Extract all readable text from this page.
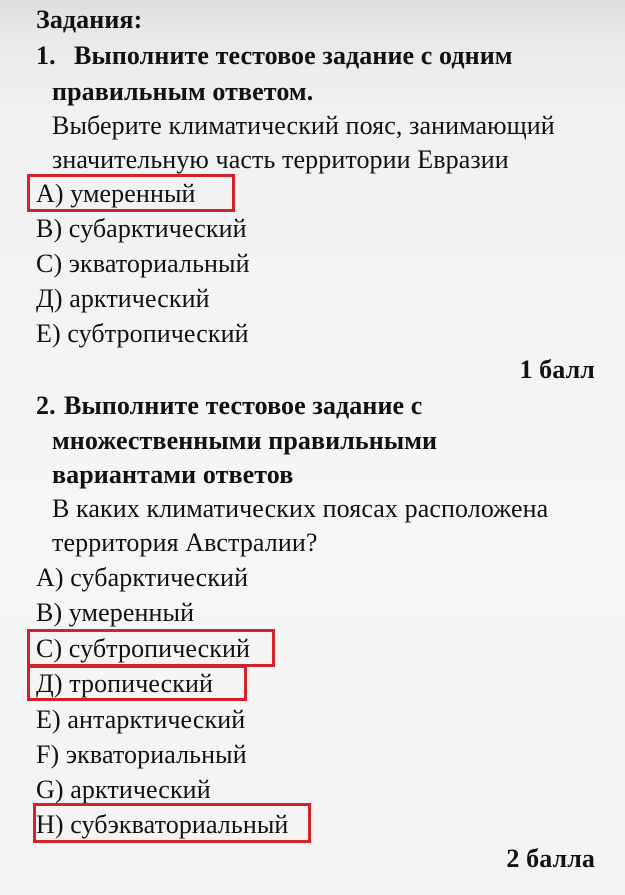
Задания:
1. Выполните тестовое задание с одним
правильным ответом.
Выберите климатический пояс, занимающий
значительную часть территории Евразии
А) умеренный
В) субарктический
С) экваториальный
Д) арктический
Е) субтропический
1 балл
2. Выполните тестовое задание с
множественными правильными
вариантами ответов
В каких климатических поясах расположена
территория Австралии?
А) субарктический
В) умеренный
С) субтропический
Д) тропический
Е) антарктический
F) экваториальный
G) арктический
H) субэкваториальный
2 балла
